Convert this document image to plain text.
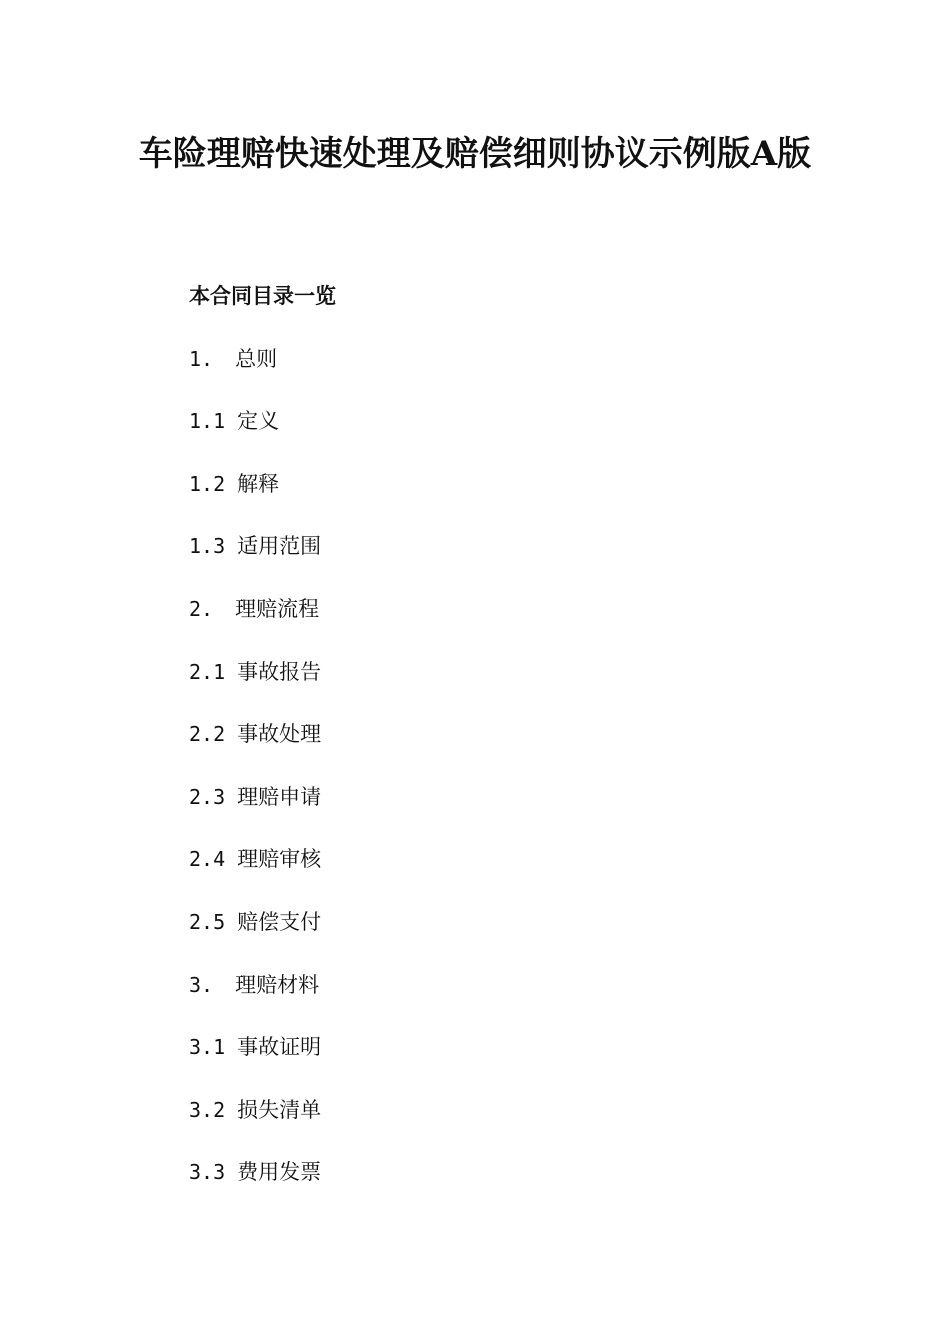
车险理赔快速处理及赔偿细则协议示例版A版
本合同目录一览
1. 总则
1.1 定义
1.2 解释
1.3 适用范围
2. 理赔流程
2.1 事故报告
2.2 事故处理
2.3 理赔申请
2.4 理赔审核
2.5 赔偿支付
3. 理赔材料
3.1 事故证明
3.2 损失清单
3.3 费用发票
